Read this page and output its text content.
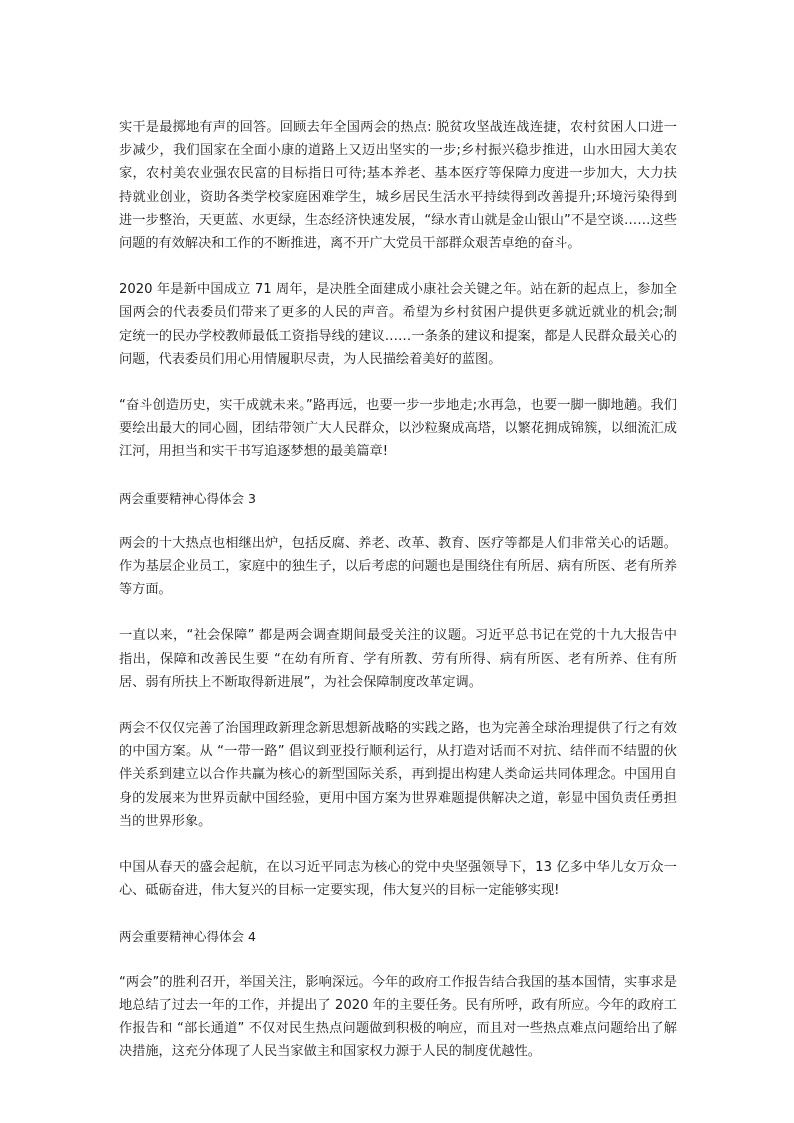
实干是最掷地有声的回答。回顾去年全国两会的热点: 脱贫攻坚战连战连捷，农村贫困人口进一步减少，我们国家在全面小康的道路上又迈出坚实的一步;乡村振兴稳步推进，山水田园大美农家，农村美农业强农民富的目标指日可待;基本养老、基本医疗等保障力度进一步加大，大力扶持就业创业，资助各类学校家庭困难学生，城乡居民生活水平持续得到改善提升;环境污染得到进一步整治，天更蓝、水更绿，生态经济快速发展，“绿水青山就是金山银山”不是空谈……这些问题的有效解决和工作的不断推进，离不开广大党员干部群众艰苦卓绝的奋斗。

2020 年是新中国成立 71 周年，是决胜全面建成小康社会关键之年。站在新的起点上，参加全国两会的代表委员们带来了更多的人民的声音。希望为乡村贫困户提供更多就近就业的机会;制定统一的民办学校教师最低工资指导线的建议……一条条的建议和提案，都是人民群众最关心的问题，代表委员们用心用情履职尽责，为人民描绘着美好的蓝图。

“奋斗创造历史，实干成就未来。”路再远，也要一步一步地走;水再急，也要一脚一脚地趟。我们要绘出最大的同心圆，团结带领广大人民群众，以沙粒聚成高塔，以繁花拥成锦簇，以细流汇成江河，用担当和实干书写追逐梦想的最美篇章!

两会重要精神心得体会 3

两会的十大热点也相继出炉，包括反腐、养老、改革、教育、医疗等都是人们非常关心的话题。作为基层企业员工，家庭中的独生子，以后考虑的问题也是围绕住有所居、病有所医、老有所养等方面。

一直以来，“社会保障” 都是两会调查期间最受关注的议题。习近平总书记在党的十九大报告中指出，保障和改善民生要 “在幼有所育、学有所教、劳有所得、病有所医、老有所养、住有所居、弱有所扶上不断取得新进展”，为社会保障制度改革定调。

两会不仅仅完善了治国理政新理念新思想新战略的实践之路，也为完善全球治理提供了行之有效的中国方案。从 “一带一路” 倡议到亚投行顺利运行，从打造对话而不对抗、结伴而不结盟的伙伴关系到建立以合作共赢为核心的新型国际关系，再到提出构建人类命运共同体理念。中国用自身的发展来为世界贡献中国经验，更用中国方案为世界难题提供解决之道，彰显中国负责任勇担当的世界形象。

中国从春天的盛会起航，在以习近平同志为核心的党中央坚强领导下，13 亿多中华儿女万众一心、砥砺奋进，伟大复兴的目标一定要实现，伟大复兴的目标一定能够实现!

两会重要精神心得体会 4

“两会”的胜利召开，举国关注，影响深远。今年的政府工作报告结合我国的基本国情，实事求是地总结了过去一年的工作，并提出了 2020 年的主要任务。民有所呼，政有所应。今年的政府工作报告和 “部长通道” 不仅对民生热点问题做到积极的响应，而且对一些热点难点问题给出了解决措施，这充分体现了人民当家做主和国家权力源于人民的制度优越性。
